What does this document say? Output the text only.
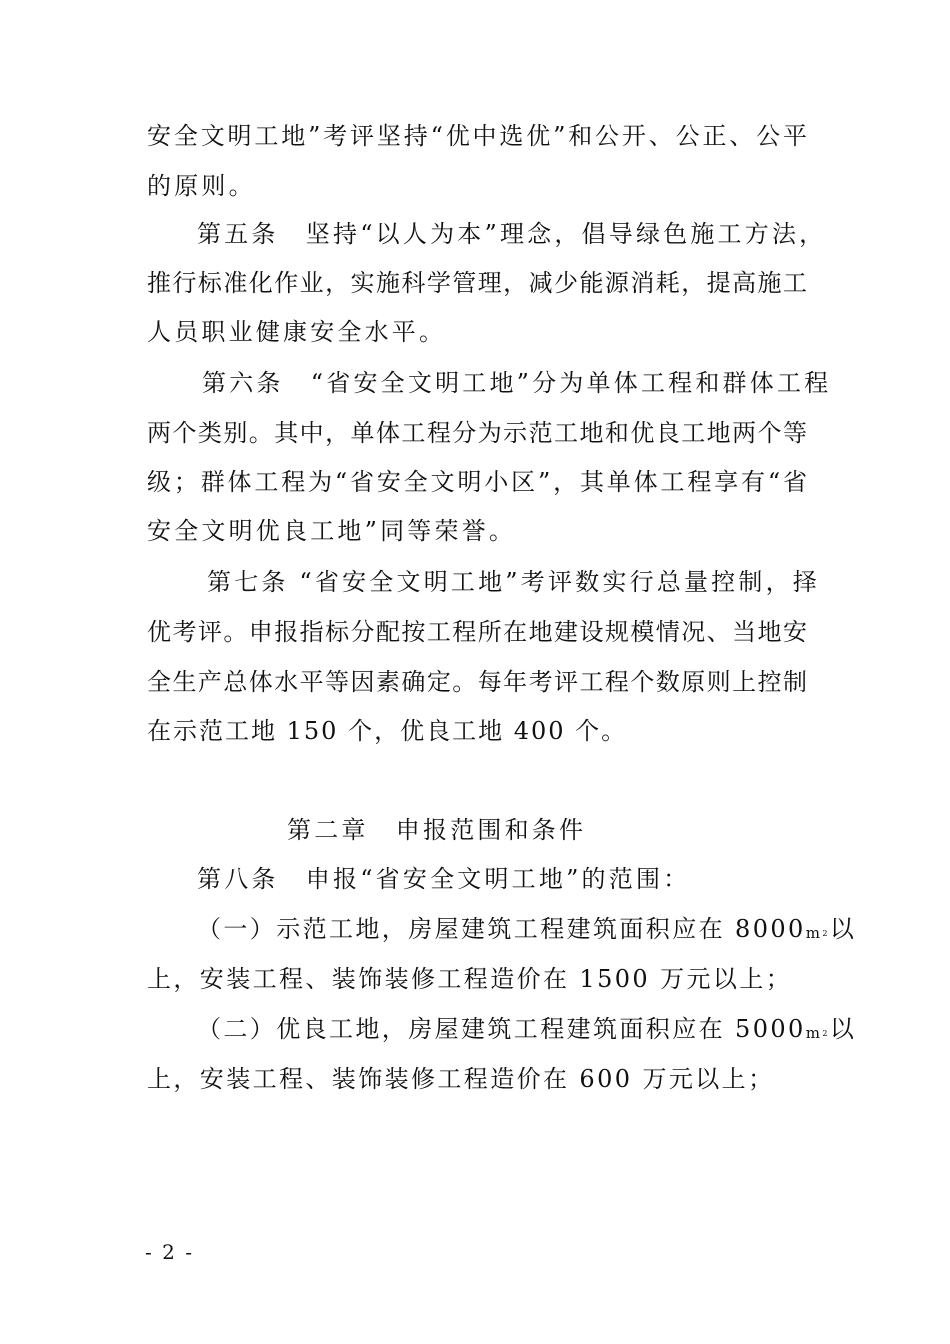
安全文明工地”考评坚持“优中选优”和公开、公正、公平
的原则。
第五条　坚持“以人为本”理念，倡导绿色施工方法，
推行标准化作业，实施科学管理，减少能源消耗，提高施工
人员职业健康安全水平。
第六条　“省安全文明工地”分为单体工程和群体工程
两个类别。其中，单体工程分为示范工地和优良工地两个等
级；群体工程为“省安全文明小区”，其单体工程享有“省
安全文明优良工地”同等荣誉。
第七条 “省安全文明工地”考评数实行总量控制，择
优考评。申报指标分配按工程所在地建设规模情况、当地安
全生产总体水平等因素确定。每年考评工程个数原则上控制
在示范工地 150 个，优良工地 400 个。
第二章　申报范围和条件
第八条　申报“省安全文明工地”的范围：
（一）示范工地，房屋建筑工程建筑面积应在 $8000m^2$以
上，安装工程、装饰装修工程造价在 1500 万元以上；
（二）优良工地，房屋建筑工程建筑面积应在 $5000m^2$以
上，安装工程、装饰装修工程造价在 600 万元以上；
- 2 -
